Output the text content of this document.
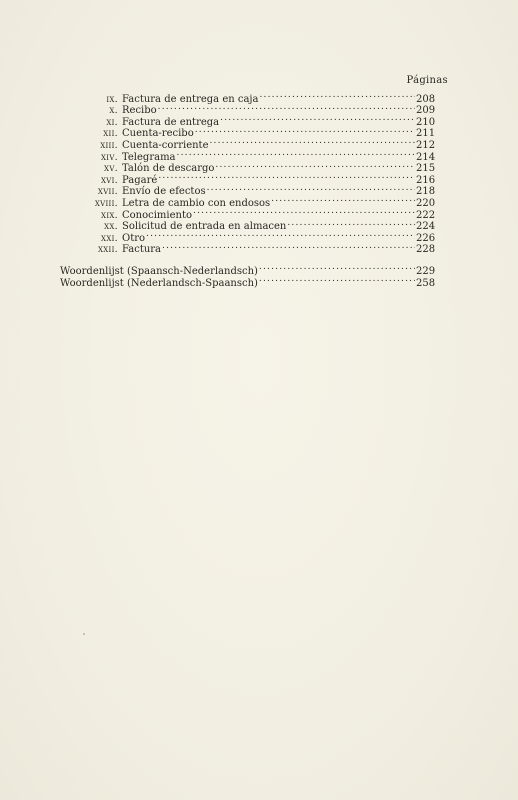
Páginas
ix. Factura de entrega en caja .....	208
x. Recibo .....	209
xi. Factura de entrega .....	210
xii. Cuenta-recibo .....	211
xiii. Cuenta-corriente .....	212
xiv. Telegrama .....	214
xv. Talón de descargo .....	215
xvi. Pagaré .....	216
xvii. Envío de efectos .....	218
xviii. Letra de cambio con endosos .....	220
xix. Conocimiento .....	222
xx. Solicitud de entrada en almacen .....	224
xxi. Otro .....	226
xxii. Factura .....	228
Woordenlijst (Spaansch-Nederlandsch) .....	229
Woordenlijst (Nederlandsch-Spaansch) .....	258
